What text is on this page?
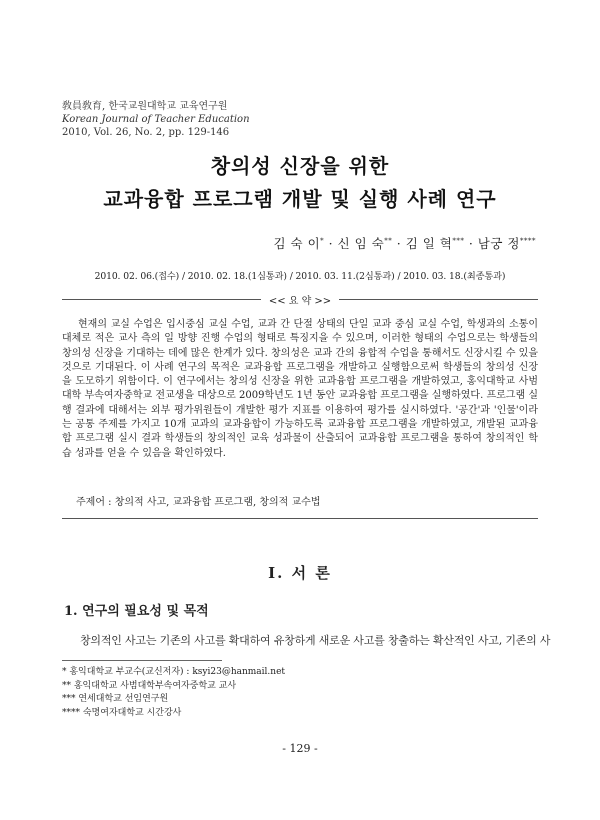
敎員敎育, 한국교원대학교 교육연구원
Korean Journal of Teacher Education
2010, Vol. 26, No. 2, pp. 129-146
창의성 신장을 위한
교과융합 프로그램 개발 및 실행 사례 연구
김 숙 이* · 신 임 숙** · 김 일 혁*** · 남궁 정****
2010. 02. 06.(접수) / 2010. 02. 18.(1심통과) / 2010. 03. 11.(2심통과) / 2010. 03. 18.(최종통과)
<< 요 약 >>

현재의 교실 수업은 입시중심 교실 수업, 교과 간 단절 상태의 단일 교과 중심 교실 수업, 학생과의 소통이 대체로 적은 교사 측의 일 방향 진행 수업의 형태로 특징지을 수 있으며, 이러한 형태의 수업으로는 학생들의 창의성 신장을 기대하는 데에 많은 한계가 있다. 창의성은 교과 간의 융합적 수업을 통해서도 신장시킬 수 있을 것으로 기대된다. 이 사례 연구의 목적은 교과융합 프로그램을 개발하고 실행함으로써 학생들의 창의성 신장을 도모하기 위함이다. 이 연구에서는 창의성 신장을 위한 교과융합 프로그램을 개발하였고, 홍익대학교 사범대학 부속여자중학교 전교생을 대상으로 2009학년도 1년 동안 교과융합 프로그램을 실행하였다. 프로그램 실행 결과에 대해서는 외부 평가위원들이 개발한 평가 지표를 이용하여 평가를 실시하였다. '공간'과 '인물'이라는 공통 주제를 가지고 10개 교과의 교과융합이 가능하도록 교과융합 프로그램을 개발하였고, 개발된 교과융합 프로그램 실시 결과 학생들의 창의적인 교육 성과물이 산출되어 교과융합 프로그램을 통하여 창의적인 학습 성과를 얻을 수 있음을 확인하였다.

주제어 : 창의적 사고, 교과융합 프로그램, 창의적 교수법
Ⅰ. 서 론
1. 연구의 필요성 및 목적
창의적인 사고는 기존의 사고를 확대하여 유창하게 새로운 사고를 창출하는 확산적인 사고, 기존의 사
* 홍익대학교 부교수(교신저자) : ksyi23@hanmail.net
** 홍익대학교 사범대학부속여자중학교 교사
*** 연세대학교 선임연구원
**** 숙명여자대학교 시간강사
- 129 -
